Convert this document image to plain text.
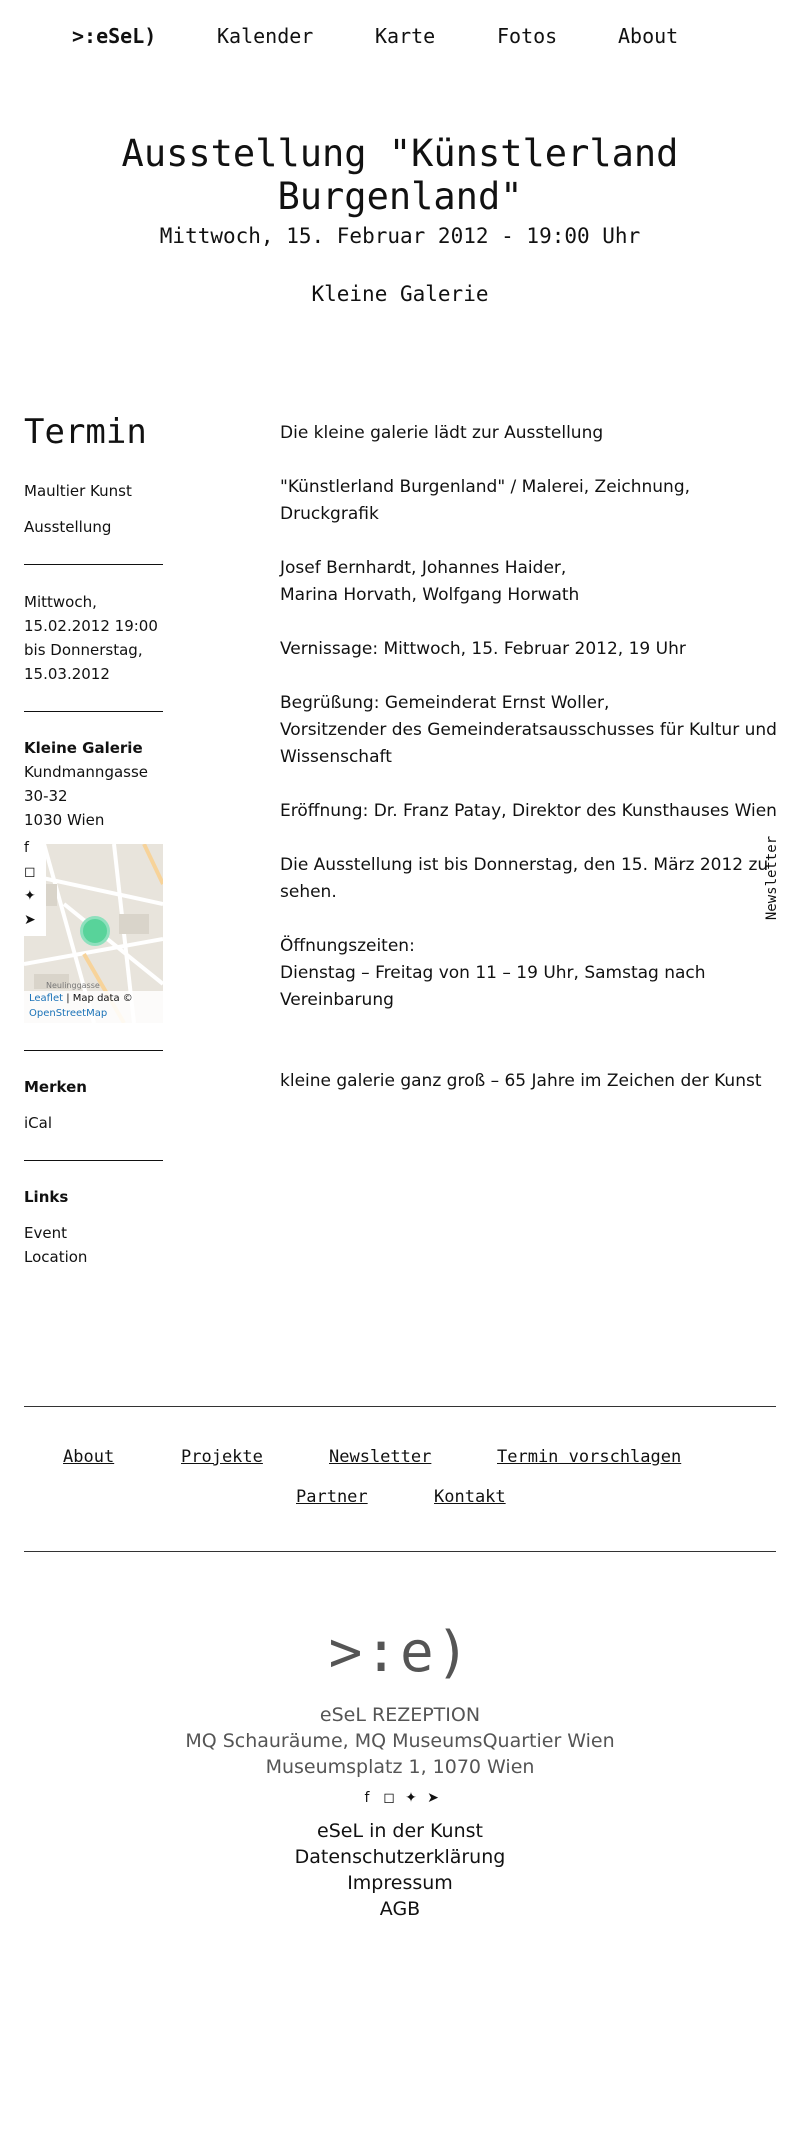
>:eSeL)	Kalender	Karte	Fotos	About
Ausstellung "Künstlerland Burgenland"
Mittwoch, 15. Februar 2012 - 19:00 Uhr
Kleine Galerie
Termin
Maultier Kunst
Ausstellung
Mittwoch,
15.02.2012 19:00
bis Donnerstag,
15.03.2012
Kleine Galerie
Kundmanngasse
30-32
1030 Wien
Neulinggasse
Leaflet | Map data ©
OpenStreetMap
f
◻
✦
➤
Merken
iCal
Links
Event
Location

Die kleine galerie lädt zur Ausstellung

"Künstlerland Burgenland" / Malerei, Zeichnung, Druckgrafik

Josef Bernhardt, Johannes Haider,
Marina Horvath, Wolfgang Horwath

Vernissage: Mittwoch, 15. Februar 2012, 19 Uhr

Begrüßung: Gemeinderat Ernst Woller,
Vorsitzender des Gemeinderatsausschusses für Kultur und Wissenschaft

Eröffnung: Dr. Franz Patay, Direktor des Kunsthauses Wien

Die Ausstellung ist bis Donnerstag, den 15. März 2012 zu sehen.

Öffnungszeiten:
Dienstag – Freitag von 11 – 19 Uhr, Samstag nach Vereinbarung

kleine galerie ganz groß – 65 Jahre im Zeichen der Kunst

Newsletter
About	Projekte	Newsletter	Termin vorschlagen
Partner	Kontakt
>:e)
eSeL REZEPTION
MQ Schauräume, MQ MuseumsQuartier Wien
Museumsplatz 1, 1070 Wien
f ◻ ✦ ➤
eSeL in der Kunst
Datenschutzerklärung
Impressum
AGB
